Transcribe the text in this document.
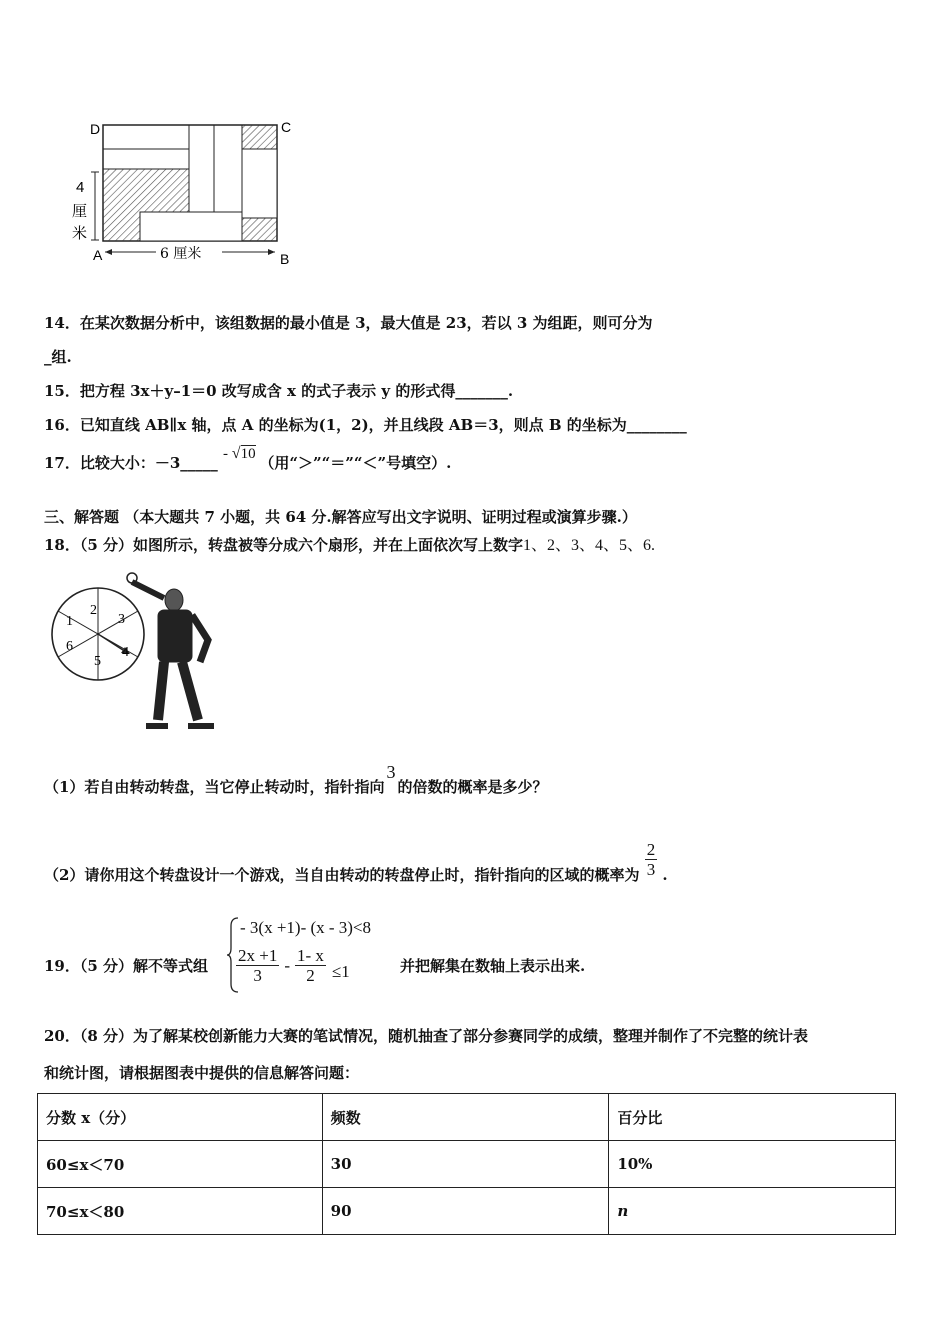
D	C
A	B
4
厘
米
6 厘米
14．在某次数据分析中，该组数据的最小值是 3，最大值是 23，若以 3 为组距，则可分为
_组.
15．把方程 3x＋y–1＝0 改写成含 x 的式子表示 y 的形式得_______.
16．已知直线 AB∥x 轴，点 A 的坐标为(1，2)，并且线段 AB＝3，则点 B 的坐标为________
17．比较大小：－3_____ - √10 （用“＞”“＝”“＜”号填空）.
三、解答题 （本大题共 7 小题，共 64 分.解答应写出文字说明、证明过程或演算步骤.）
18．（5 分）如图所示，转盘被等分成六个扇形，并在上面依次写上数字1、2、3、4、5、6.
2
3
1
6
5
4
（1）若自由转动转盘，当它停止转动时，指针指向3的倍数的概率是多少？
（2）请你用这个转盘设计一个游戏，当自由转动的转盘停止时，指针指向的区域的概率为 $\frac{2}{3}$ .
19．（5 分）解不等式组
- 3(x +1)- (x - 3)<8
$\frac{2x +1}{3} - \frac{1- x}{2} \le 1$	并把解集在数轴上表示出来.
20．（8 分）为了解某校创新能力大赛的笔试情况，随机抽查了部分参赛同学的成绩，整理并制作了不完整的统计表
和统计图，请根据图表中提供的信息解答问题：
分数 x（分）	频数	百分比
60≤x＜70	30	10%
70≤x＜80	90	n
